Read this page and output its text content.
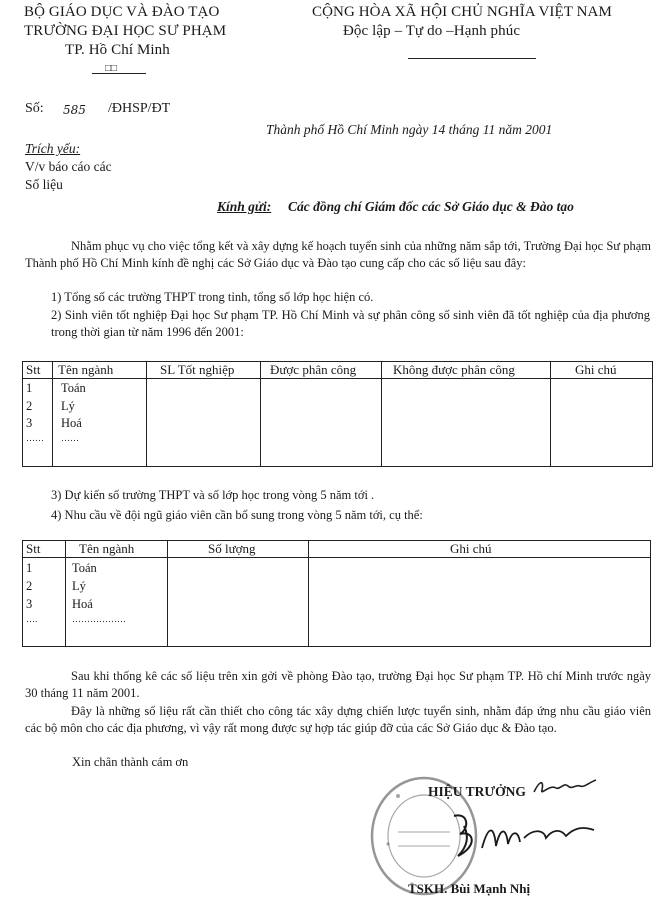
BỘ GIÁO DỤC VÀ ĐÀO TẠO
TRƯỜNG ĐẠI HỌC SƯ PHẠM
TP. Hồ Chí Minh
□□
CỘNG HÒA XÃ HỘI CHỦ NGHĨA VIỆT NAM
Độc lập – Tự do –Hạnh phúc
Số: 585 /ĐHSP/ĐT
Thành phố Hồ Chí Minh ngày 14 tháng 11 năm 2001
Trích yếu:
V/v báo cáo các
Số liệu
Kính gửi: Các đồng chí Giám đốc các Sở Giáo dục & Đào tạo
Nhằm phục vụ cho việc tổng kết và xây dựng kế hoạch tuyển sinh của những năm sắp tới, Trường Đại học Sư phạm Thành phố Hồ Chí Minh kính đề nghị các Sở Giáo dục và Đào tạo cung cấp cho các số liệu sau đây:
1) Tổng số các trường THPT trong tỉnh, tổng số lớp học hiện có.
2) Sinh viên tốt nghiệp Đại học Sư phạm TP. Hồ Chí Minh và sự phân công số sinh viên đã tốt nghiệp của địa phương trong thời gian từ năm 1996 đến 2001:
Stt Tên ngành	SL Tốt nghiệp	Được phân công	Không được phân công	Ghi chú
1 Toán
2 Lý
3 Hoá
…… ……
3) Dự kiến số trường THPT và số lớp học trong vòng 5 năm tới .
4) Nhu cầu về đội ngũ giáo viên cần bổ sung trong vòng 5 năm tới, cụ thể:
Stt	Tên ngành	Số lượng	Ghi chú
1	Toán
2	Lý
3	Hoá
….	………………
Sau khi thống kê các số liệu trên xin gởi về phòng Đào tạo, trường Đại học Sư phạm TP. Hồ chí Minh trước ngày 30 tháng 11 năm 2001.
Đây là những số liệu rất cần thiết cho công tác xây dựng chiến lược tuyển sinh, nhằm đáp ứng nhu cầu giáo viên các bộ môn cho các địa phương, vì vậy rất mong được sự hợp tác giúp đỡ của các Sở Giáo dục & Đào tạo.
Xin chân thành cám ơn
HIỆU TRƯỞNG
TSKH. Bùi Mạnh Nhị
